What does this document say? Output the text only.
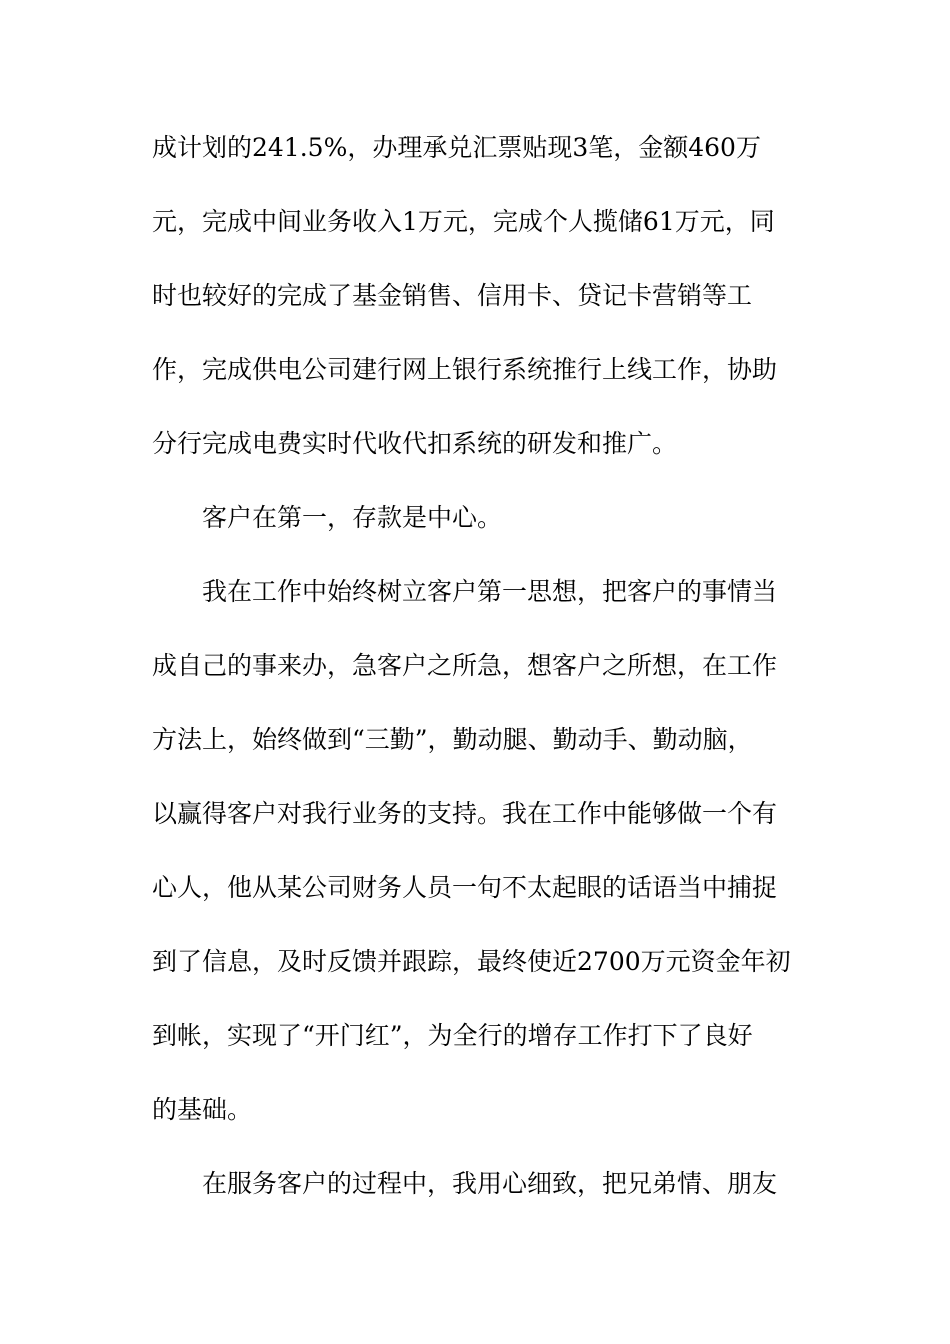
成计划的241.5%，办理承兑汇票贴现3笔，金额460万
元，完成中间业务收入1万元，完成个人揽储61万元，同
时也较好的完成了基金销售、信用卡、贷记卡营销等工
作，完成供电公司建行网上银行系统推行上线工作，协助
分行完成电费实时代收代扣系统的研发和推广。
客户在第一，存款是中心。
我在工作中始终树立客户第一思想，把客户的事情当
成自己的事来办，急客户之所急，想客户之所想，在工作
方法上，始终做到“三勤”，勤动腿、勤动手、勤动脑，
以赢得客户对我行业务的支持。我在工作中能够做一个有
心人，他从某公司财务人员一句不太起眼的话语当中捕捉
到了信息，及时反馈并跟踪，最终使近2700万元资金年初
到帐，实现了“开门红”，为全行的增存工作打下了良好
的基础。
在服务客户的过程中，我用心细致，把兄弟情、朋友
